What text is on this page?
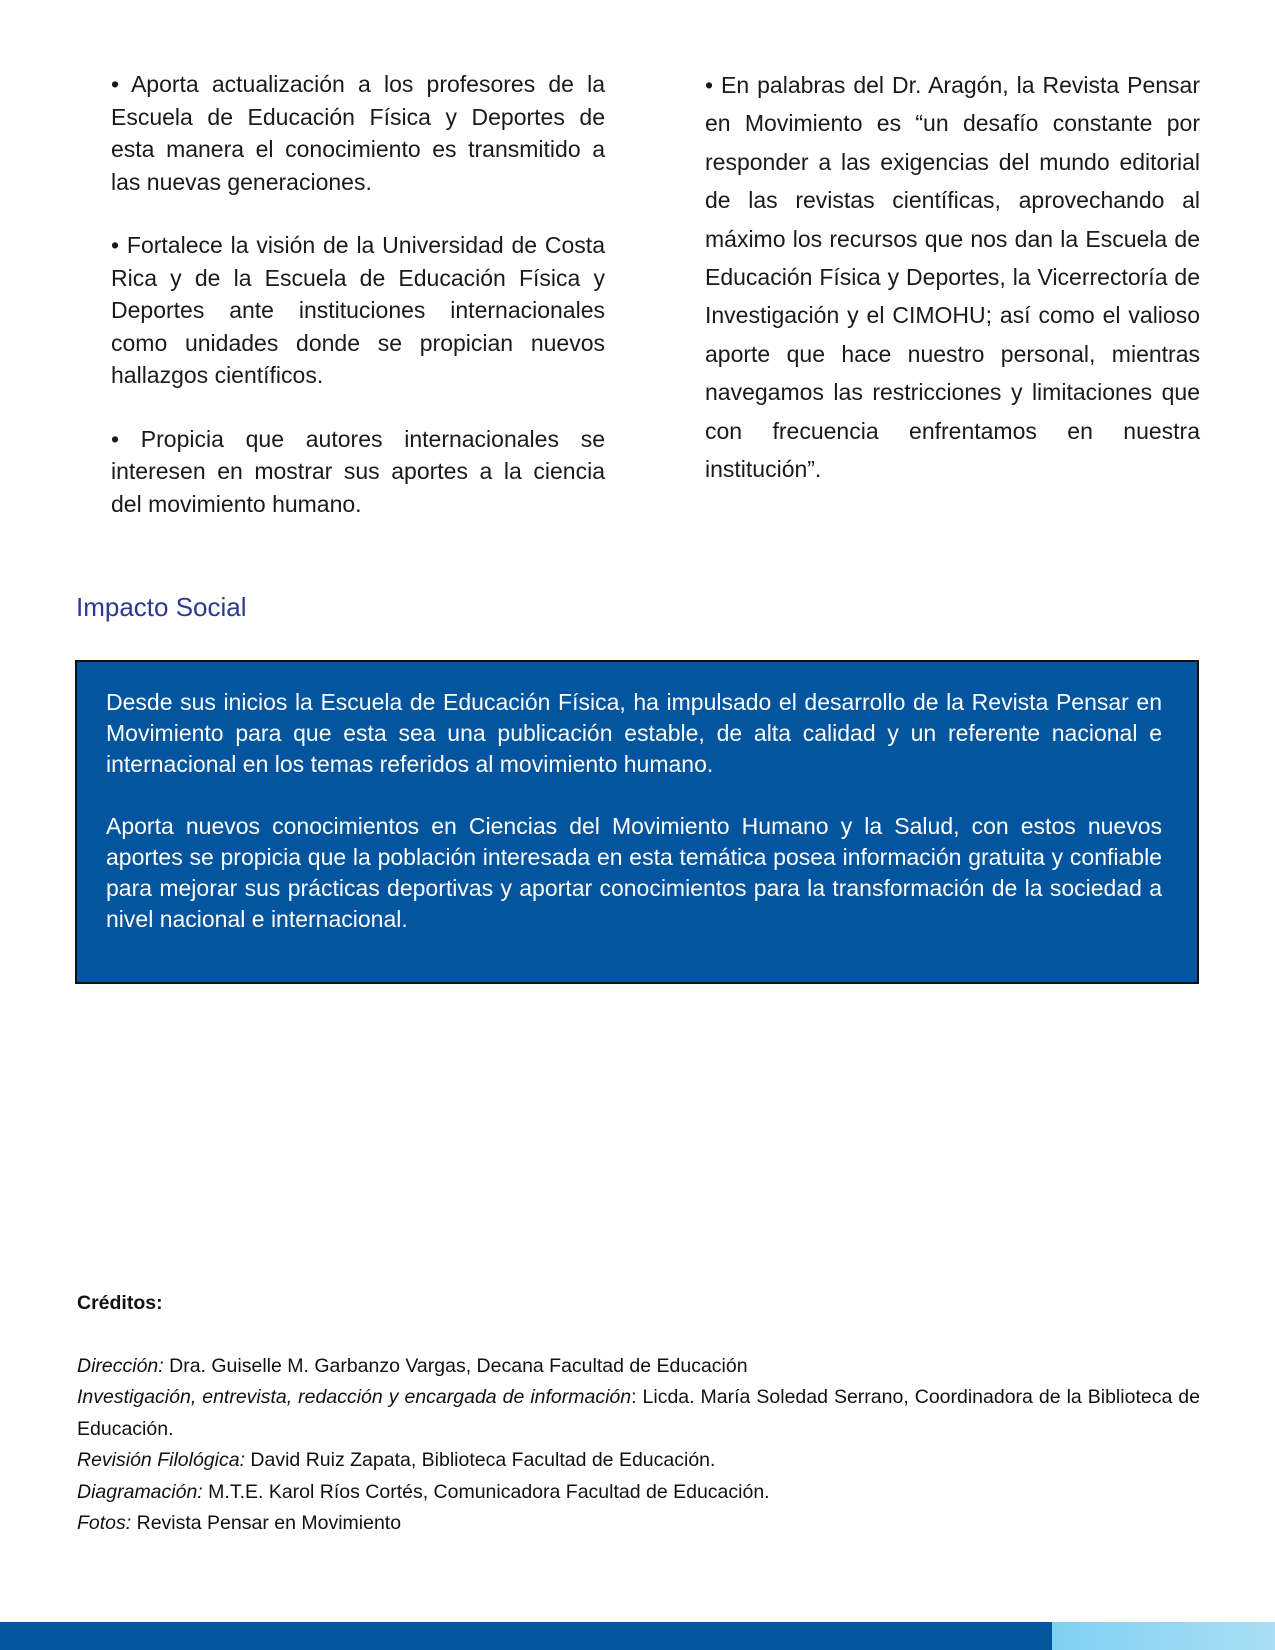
• Aporta actualización a los profesores de la Escuela de Educación Física y Deportes de esta manera el conocimiento es transmitido a las nuevas generaciones.

• Fortalece la visión de la Universidad de Costa Rica y de la Escuela de Educación Física y Deportes ante instituciones internacionales como unidades donde se propician nuevos hallazgos científicos.

• Propicia que autores internacionales se interesen en mostrar sus aportes a la ciencia del movimiento humano.

• En palabras del Dr. Aragón, la Revista Pensar en Movimiento es “un desafío constante por responder a las exigencias del mundo editorial de las revistas científicas, aprovechando al máximo los recursos que nos dan la Escuela de Educación Física y Deportes, la Vicerrectoría de Investigación y el CIMOHU; así como el valioso aporte que hace nuestro personal, mientras navegamos las restricciones y limitaciones que con frecuencia enfrentamos en nuestra institución”.

Impacto Social

Desde sus inicios la Escuela de Educación Física, ha impulsado el desarrollo de la Revista Pensar en Movimiento para que esta sea una publicación estable, de alta calidad y un referente nacional e internacional en los temas referidos al movimiento humano.

Aporta nuevos conocimientos en Ciencias del Movimiento Humano y la Salud, con estos nuevos aportes se propicia que la población interesada en esta temática posea información gratuita y confiable para mejorar sus prácticas deportivas y aportar conocimientos para la transformación de la sociedad a nivel nacional e internacional.

Créditos:

Dirección: Dra. Guiselle M. Garbanzo Vargas, Decana Facultad de Educación

Investigación, entrevista, redacción y encargada de información: Licda. María Soledad Serrano, Coordinadora de la Biblioteca de Educación.

Revisión Filológica: David Ruiz Zapata, Biblioteca Facultad de Educación.

Diagramación: M.T.E. Karol Ríos Cortés, Comunicadora Facultad de Educación.

Fotos: Revista Pensar en Movimiento
